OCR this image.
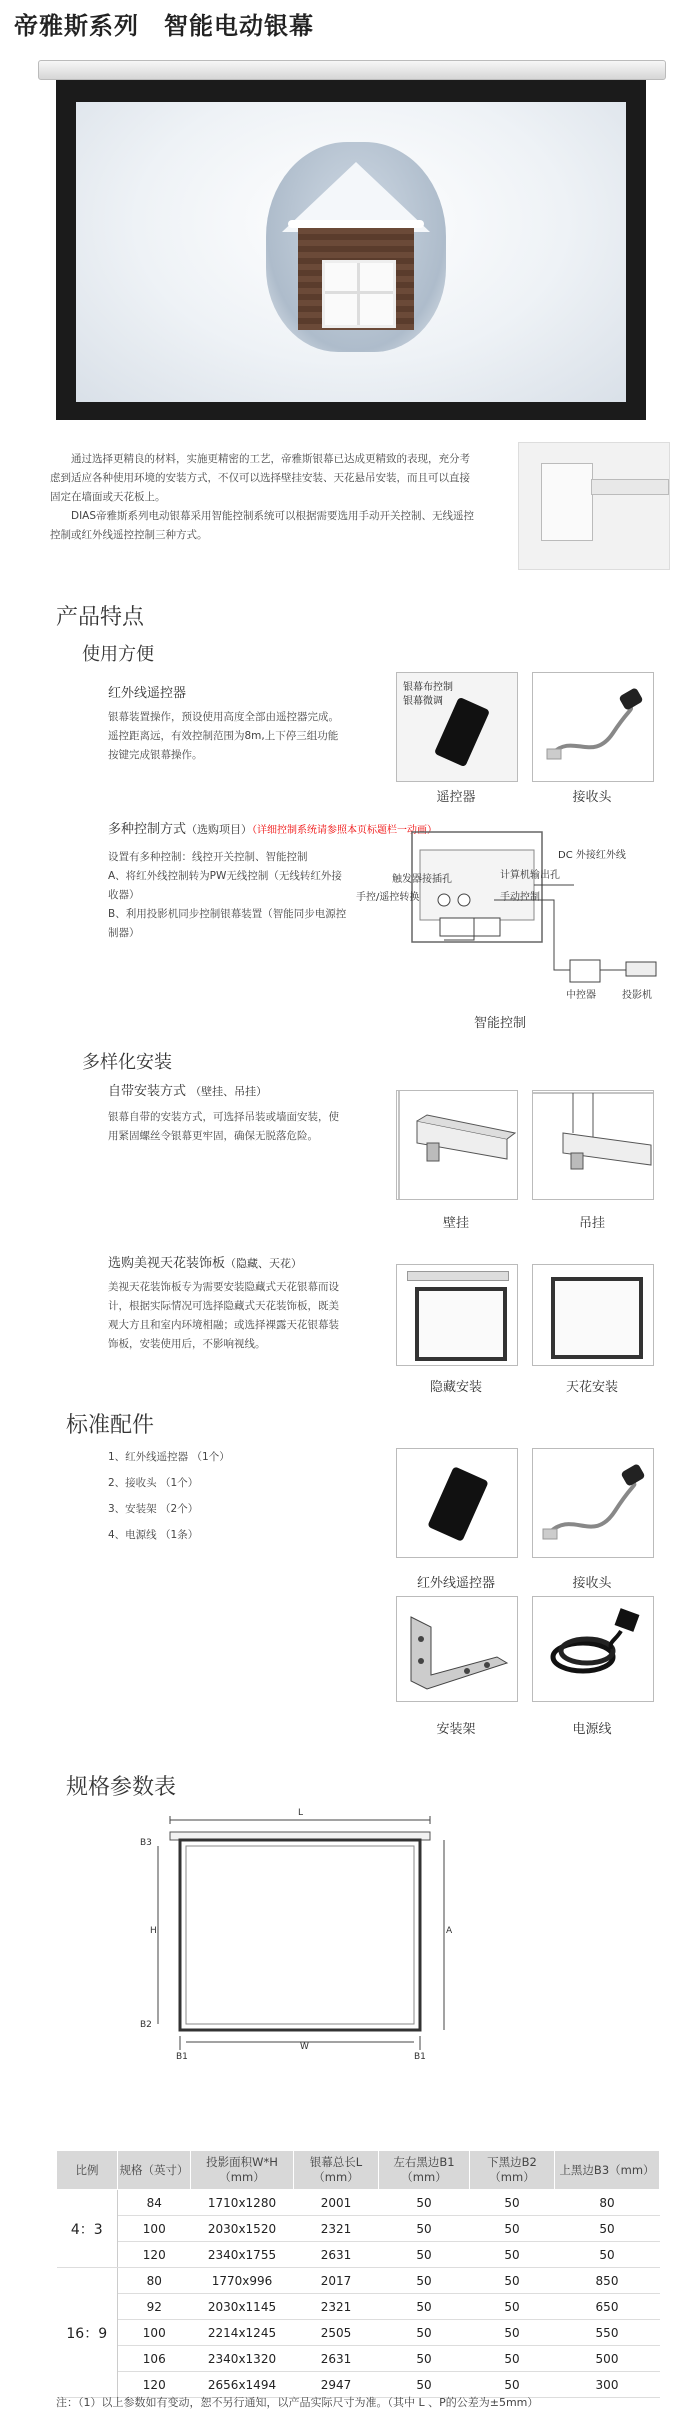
帝雅斯系列　智能电动银幕

通过选择更精良的材料，实施更精密的工艺，帝雅斯银幕已达成更精致的表现，充分考虑到适应各种使用环境的安装方式，不仅可以选择壁挂安装、天花悬吊安装，而且可以直接固定在墙面或天花板上。

DIAS帝雅斯系列电动银幕采用智能控制系统可以根据需要选用手动开关控制、无线遥控控制或红外线遥控控制三种方式。

产品特点
使用方便
红外线遥控器
银幕装置操作，预设使用高度全部由遥控器完成。遥控距离远，有效控制范围为8m,上下停三组功能按键完成银幕操作。
银幕布控制
银幕微调
遥控器	接收头
多种控制方式（选购项目）（详细控制系统请参照本页标题栏一动画）
设置有多种控制：线控开关控制、智能控制
A、将红外线控制转为PW无线控制（无线转红外接收器）
B、利用投影机同步控制银幕装置（智能同步电源控制器）
DC 外接红外线
触发器接插孔	计算机输出孔
手控/遥控转换	手动控制
中控器	投影机
智能控制
多样化安装
自带安装方式 （壁挂、吊挂）
银幕自带的安装方式，可选择吊装或墙面安装，使用紧固螺丝令银幕更牢固，确保无脱落危险。
壁挂	吊挂
选购美视天花装饰板（隐藏、天花）
美视天花装饰板专为需要安装隐藏式天花银幕而设计，根据实际情况可选择隐藏式天花装饰板，既美观大方且和室内环境相融；或选择裸露天花银幕装饰板，安装使用后，不影响视线。
隐藏安装	天花安装
标准配件
1、红外线遥控器 （1个）
2、接收头 （1个）
3、安装架 （2个）
4、电源线 （1条）
红外线遥控器	接收头
安装架	电源线
规格参数表
L
B3
H	A
B2
W
B1	B1
比例	规格（英寸）	投影面积W*H（mm）	银幕总长L（mm）	左右黑边B1（mm）	下黑边B2（mm）	上黑边B3（mm）
4：3	84	1710x1280	2001	50	50	80
	100	2030x1520	2321	50	50	50
	120	2340x1755	2631	50	50	50
16：9	80	1770x996	2017	50	50	850
	92	2030x1145	2321	50	50	650
	100	2214x1245	2505	50	50	550
	106	2340x1320	2631	50	50	500
	120	2656x1494	2947	50	50	300
注：（1）以上参数如有变动，恕不另行通知，以产品实际尺寸为准。（其中 L 、P的公差为±5mm）
